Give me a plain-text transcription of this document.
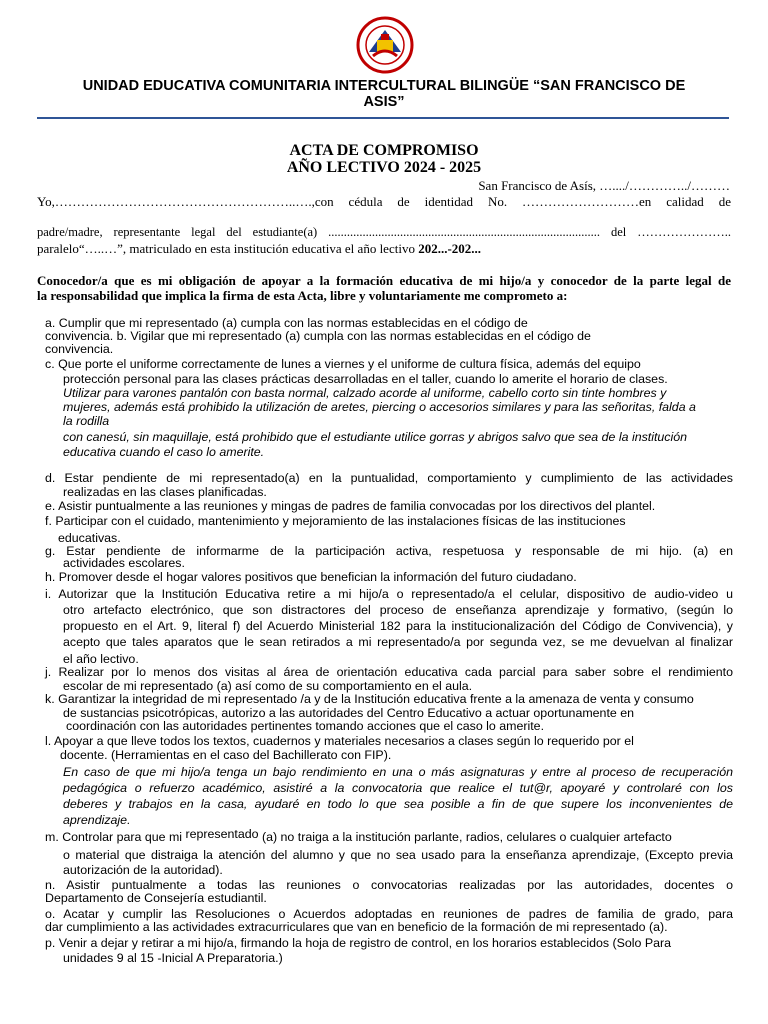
UNIDAD EDUCATIVA COMUNITARIA INTERCULTURAL BILINGÜE “SAN FRANCISCO DE
ASIS”
ACTA DE COMPROMISO
AÑO LECTIVO 2024 - 2025
San Francisco de Asís, …..../…………../………
Yo,………………………………………………..….,con cédula de identidad No. ………………………en calidad de
padre/madre, representante legal del estudiante(a) ....................................................................................... del …………………..
paralelo“…..…”, matriculado en esta institución educativa el año lectivo 202...-202...
Conocedor/a que es mi obligación de apoyar a la formación educativa de mi hijo/a y conocedor de la parte legal de
la responsabilidad que implica la firma de esta Acta, libre y voluntariamente me comprometo a:
a. Cumplir que mi representado (a) cumpla con las normas establecidas en el código de
convivencia. b. Vigilar que mi representado (a) cumpla con las normas establecidas en el código de
convivencia.
c. Que porte el uniforme correctamente de lunes a viernes y el uniforme de cultura física, además del equipo
protección personal para las clases prácticas desarrolladas en el taller, cuando lo amerite el horario de clases.
Utilizar para varones pantalón con basta normal, calzado acorde al uniforme, cabello corto sin tinte hombres y
mujeres, además está prohibido la utilización de aretes, piercing o accesorios similares y para las señoritas, falda a
la rodilla
con canesú, sin maquillaje, está prohibido que el estudiante utilice gorras y abrigos salvo que sea de la institución
educativa cuando el caso lo amerite.
d. Estar pendiente de mi representado(a) en la puntualidad, comportamiento y cumplimiento de las actividades
realizadas en las clases planificadas.
e. Asistir puntualmente a las reuniones y mingas de padres de familia convocadas por los directivos del plantel.
f. Participar con el cuidado, mantenimiento y mejoramiento de las instalaciones físicas de las instituciones
educativas.
g. Estar pendiente de informarme de la participación activa, respetuosa y responsable de mi hijo. (a) en
actividades escolares.
h. Promover desde el hogar valores positivos que benefician la información del futuro ciudadano.
i. Autorizar que la Institución Educativa retire a mi hijo/a o representado/a el celular, dispositivo de audio-video u
otro artefacto electrónico, que son distractores del proceso de enseñanza aprendizaje y formativo, (según lo
propuesto en el Art. 9, literal f) del Acuerdo Ministerial 182 para la institucionalización del Código de Convivencia), y
acepto que tales aparatos que le sean retirados a mi representado/a por segunda vez, se me devuelvan al finalizar
el año lectivo.
j. Realizar por lo menos dos visitas al área de orientación educativa cada parcial para saber sobre el rendimiento
escolar de mi representado (a) así como de su comportamiento en el aula.
k. Garantizar la integridad de mi representado /a y de la Institución educativa frente a la amenaza de venta y consumo
de sustancias psicotrópicas, autorizo a las autoridades del Centro Educativo a actuar oportunamente en
coordinación con las autoridades pertinentes tomando acciones que el caso lo amerite.
l. Apoyar a que lleve todos los textos, cuadernos y materiales necesarios a clases según lo requerido por el
docente. (Herramientas en el caso del Bachillerato con FIP).
En caso de que mi hijo/a tenga un bajo rendimiento en una o más asignaturas y entre al proceso de recuperación
pedagógica o refuerzo académico, asistiré a la convocatoria que realice el tut@r, apoyaré y controlaré con los
deberes y trabajos en la casa, ayudaré en todo lo que sea posible a fin de que supere los inconvenientes de
aprendizaje.
m. Controlar para que mi representado (a) no traiga a la institución parlante, radios, celulares o cualquier artefacto
o material que distraiga la atención del alumno y que no sea usado para la enseñanza aprendizaje, (Excepto previa
autorización de la autoridad).
n. Asistir puntualmente a todas las reuniones o convocatorias realizadas por las autoridades, docentes o
Departamento de Consejería estudiantil.
o. Acatar y cumplir las Resoluciones o Acuerdos adoptadas en reuniones de padres de familia de grado, para
dar cumplimiento a las actividades extracurriculares que van en beneficio de la formación de mi representado (a).
p. Venir a dejar y retirar a mi hijo/a, firmando la hoja de registro de control, en los horarios establecidos (Solo Para
unidades 9 al 15 -Inicial A Preparatoria.)
